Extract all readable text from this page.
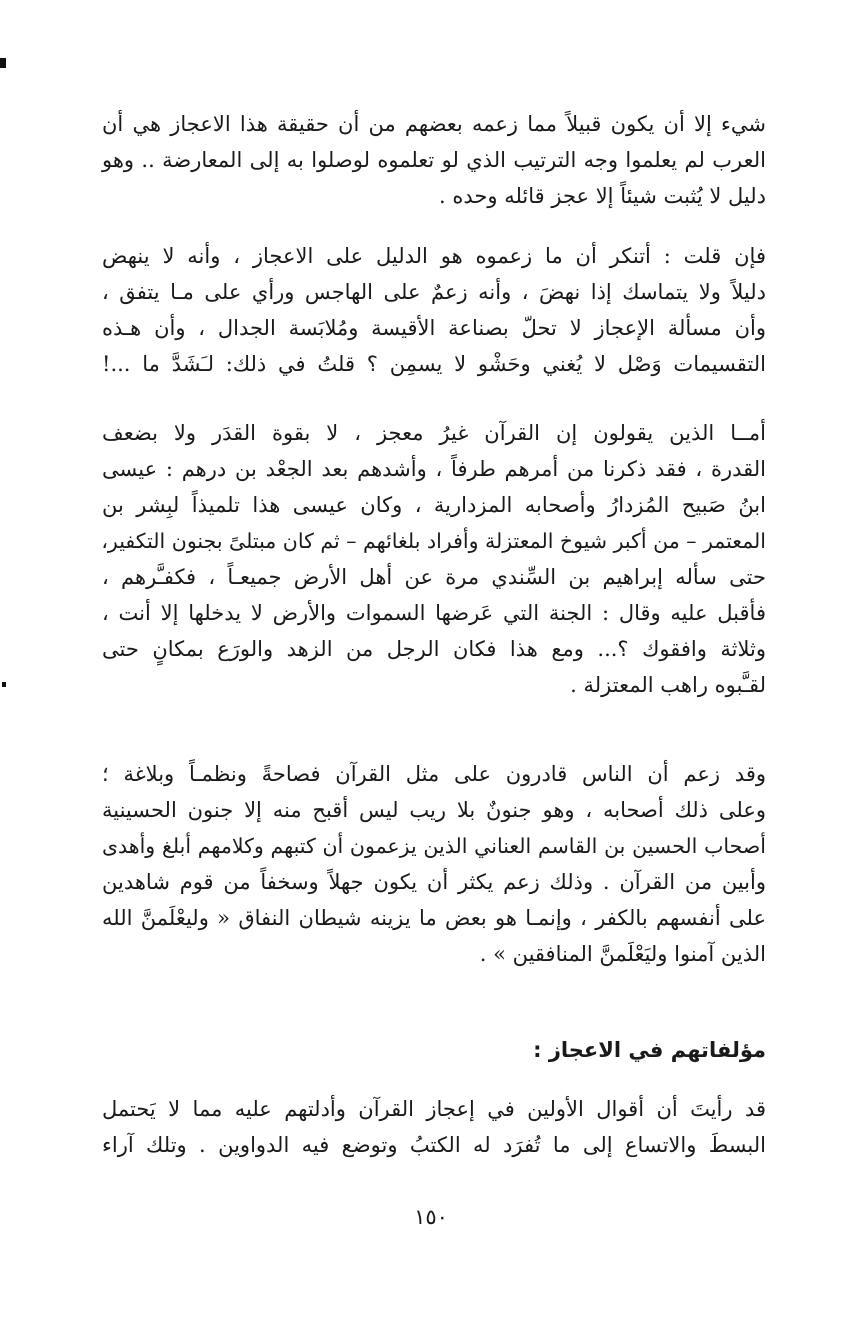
شيء إلا أن يكون قبيلاً مما زعمه بعضهم من أن حقيقة هذا الاعجاز هي أن
العرب لم يعلموا وجه الترتيب الذي لو تعلموه لوصلوا به إلى المعارضة .. وهو
دليل لا يُثبت شيئاً إلا عجز قائله وحده .
فإن قلت : أتنكر أن ما زعموه هو الدليل على الاعجاز ، وأنه لا ينهض
دليلاً ولا يتماسك إذا نهضَ ، وأنه زعمٌ على الهاجس ورأي على مـا يتفق ،
وأن مسألة الإعجاز لا تحلّ بصناعة الأقيسة ومُلابَسة الجدال ، وأن هـذه
التقسيمات وَصْل لا يُغني وحَشْو لا يسمِن ؟ قلتُ في ذلك: لـَشَدَّ ما ...!
أمــا الذين يقولون إن القرآن غيرُ معجز ، لا بقوة القدَر ولا بضعف
القدرة ، فقد ذكرنا من أمرهم طرفاً ، وأشدهم بعد الجعْد بن درهم : عيسى
ابنُ صَبيح المُزدارُ وأصحابه المزدارية ، وكان عيسى هذا تلميذاً لبِشر بن
المعتمر – من أكبر شيوخ المعتزلة وأفراد بلغائهم – ثم كان مبتلىً بجنون التكفير،
حتى سأله إبراهيم بن السِّندي مرة عن أهل الأرض جميعـاً ، فكفـَّرهم ،
فأقبل عليه وقال : الجنة التي عَرضها السموات والأرض لا يدخلها إلا أنت ،
وثلاثة وافقوك ؟... ومع هذا فكان الرجل من الزهد والورَع بمكانٍ حتى
لقـَّبوه راهب المعتزلة .
وقد زعم أن الناس قادرون على مثل القرآن فصاحةً ونظمـاً وبلاغة ؛
وعلى ذلك أصحابه ، وهو جنونٌ بلا ريب ليس أقبح منه إلا جنون الحسينية
أصحاب الحسين بن القاسم العناني الذين يزعمون أن كتبهم وكلامهم أبلغ وأهدى
وأبين من القرآن . وذلك زعم يكثر أن يكون جهلاً وسخفاً من قوم شاهدين
على أنفسهم بالكفر ، وإنمـا هو بعض ما يزينه شيطان النفاق « وليعْلَمنَّ الله
الذين آمنوا وليَعْلَمنَّ المنافقين » .
مؤلفاتهم في الاعجاز :
قد رأيتَ أن أقوال الأولين في إعجاز القرآن وأدلتهم عليه مما لا يَحتمل
البسطَ والاتساع إلى ما تُفرَد له الكتبُ وتوضع فيه الدواوين . وتلك آراء
١٥٠
